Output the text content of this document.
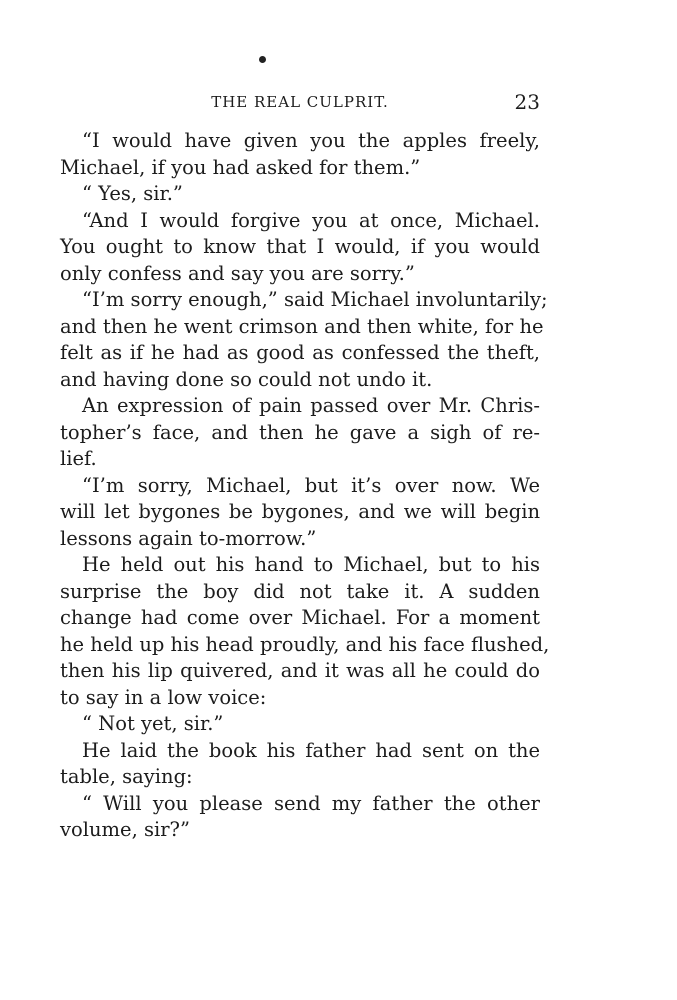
THE REAL CULPRIT.	23
“I would have given you the apples freely,
Michael, if you had asked for them.”
“ Yes, sir.”
“And I would forgive you at once, Michael.
You ought to know that I would, if you would
only confess and say you are sorry.”
“I’m sorry enough,” said Michael involuntarily;
and then he went crimson and then white, for he
felt as if he had as good as confessed the theft,
and having done so could not undo it.
An expression of pain passed over Mr. Chris-
topher’s face, and then he gave a sigh of re-
lief.
“I’m sorry, Michael, but it’s over now. We
will let bygones be bygones, and we will begin
lessons again to-morrow.”
He held out his hand to Michael, but to his
surprise the boy did not take it. A sudden
change had come over Michael. For a moment
he held up his head proudly, and his face flushed,
then his lip quivered, and it was all he could do
to say in a low voice:
“ Not yet, sir.”
He laid the book his father had sent on the
table, saying:
“ Will you please send my father the other
volume, sir?”
